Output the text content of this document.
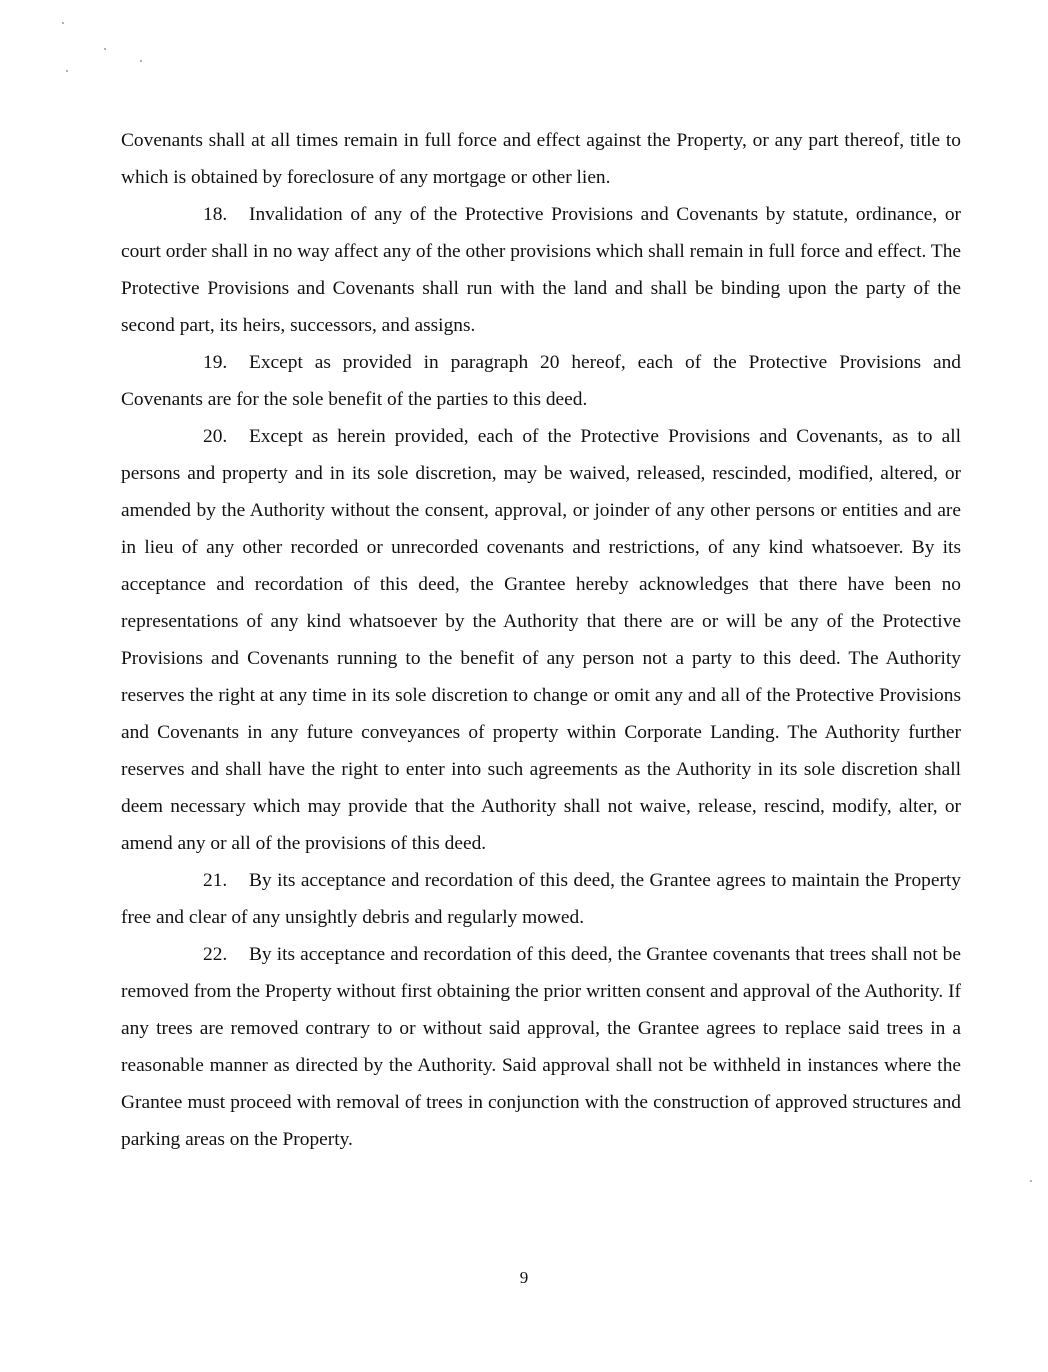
Covenants shall at all times remain in full force and effect against the Property, or any part thereof, title to which is obtained by foreclosure of any mortgage or other lien.

18. Invalidation of any of the Protective Provisions and Covenants by statute, ordinance, or court order shall in no way affect any of the other provisions which shall remain in full force and effect. The Protective Provisions and Covenants shall run with the land and shall be binding upon the party of the second part, its heirs, successors, and assigns.

19. Except as provided in paragraph 20 hereof, each of the Protective Provisions and Covenants are for the sole benefit of the parties to this deed.

20. Except as herein provided, each of the Protective Provisions and Covenants, as to all persons and property and in its sole discretion, may be waived, released, rescinded, modified, altered, or amended by the Authority without the consent, approval, or joinder of any other persons or entities and are in lieu of any other recorded or unrecorded covenants and restrictions, of any kind whatsoever. By its acceptance and recordation of this deed, the Grantee hereby acknowledges that there have been no representations of any kind whatsoever by the Authority that there are or will be any of the Protective Provisions and Covenants running to the benefit of any person not a party to this deed. The Authority reserves the right at any time in its sole discretion to change or omit any and all of the Protective Provisions and Covenants in any future conveyances of property within Corporate Landing. The Authority further reserves and shall have the right to enter into such agreements as the Authority in its sole discretion shall deem necessary which may provide that the Authority shall not waive, release, rescind, modify, alter, or amend any or all of the provisions of this deed.

21. By its acceptance and recordation of this deed, the Grantee agrees to maintain the Property free and clear of any unsightly debris and regularly mowed.

22. By its acceptance and recordation of this deed, the Grantee covenants that trees shall not be removed from the Property without first obtaining the prior written consent and approval of the Authority. If any trees are removed contrary to or without said approval, the Grantee agrees to replace said trees in a reasonable manner as directed by the Authority. Said approval shall not be withheld in instances where the Grantee must proceed with removal of trees in conjunction with the construction of approved structures and parking areas on the Property.

9
